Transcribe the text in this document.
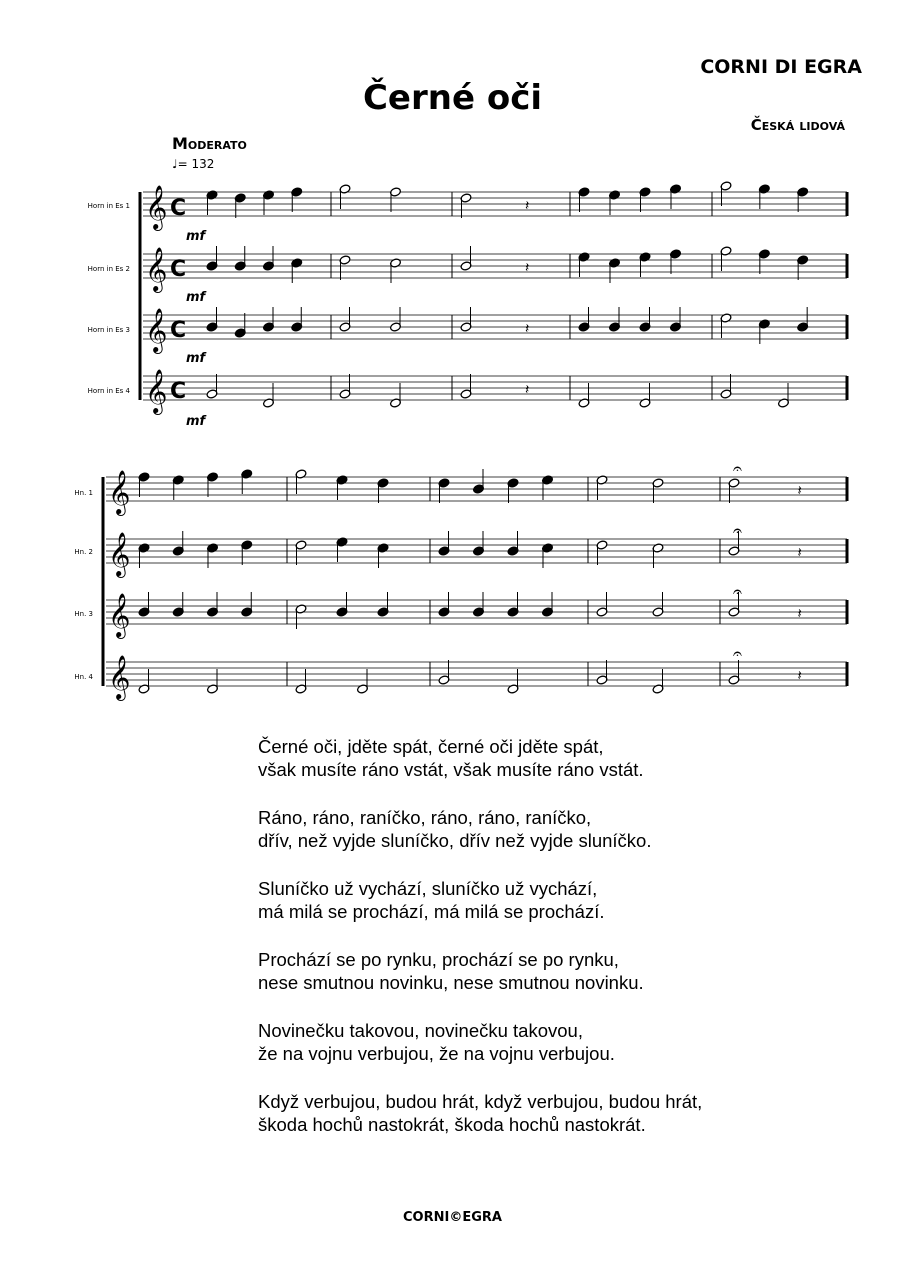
Černé oči
CORNI DI EGRA
Česká lidová
Moderato
♩= 132
Horn in Es 1
Horn in Es 2
Horn in Es 3
Horn in Es 4
Hn. 1
Hn. 2
Hn. 3
Hn. 4
mf
mf
mf
mf
C
C
C
C
𝄞	𝄽
𝄞	𝄽
𝄞	𝄽
𝄞	𝄽
𝄞	𝄽
𝄐
𝄞	𝄽
𝄐
𝄞	𝄽
𝄐
𝄞	𝄽
𝄐
Černé oči, jděte spát, černé oči jděte spát,
však musíte ráno vstát, však musíte ráno vstát.
Ráno, ráno, raníčko, ráno, ráno, raníčko,
dřív, než vyjde sluníčko, dřív než vyjde sluníčko.
Sluníčko už vychází, sluníčko už vychází,
má milá se prochází, má milá se prochází.
Prochází se po rynku, prochází se po rynku,
nese smutnou novinku, nese smutnou novinku.
Novinečku takovou, novinečku takovou,
že na vojnu verbujou, že na vojnu verbujou.
Když verbujou, budou hrát, když verbujou, budou hrát,
škoda hochů nastokrát, škoda hochů nastokrát.
CORNI©EGRA
